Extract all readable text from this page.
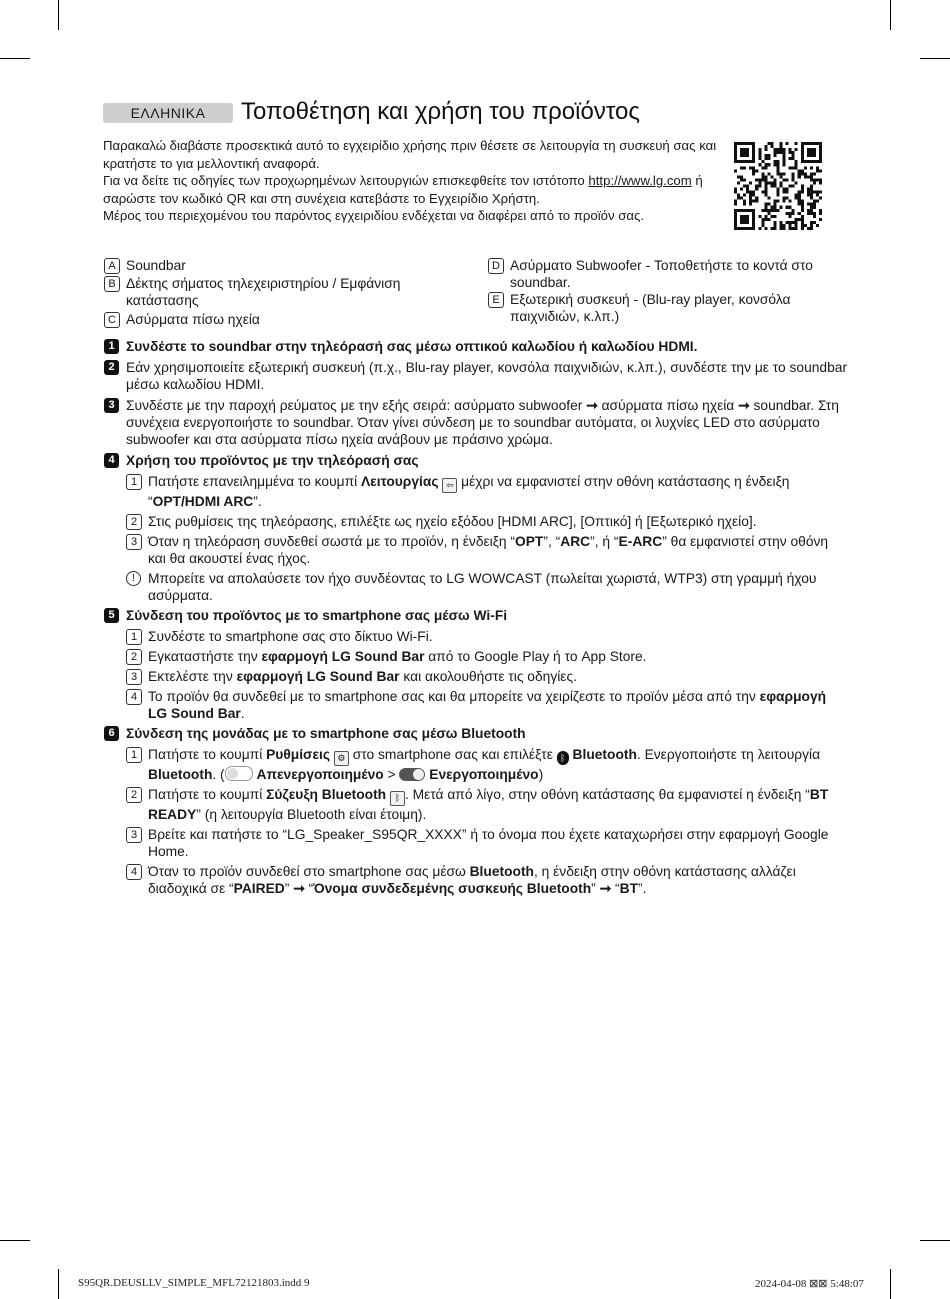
ΕΛΛΗΝΙΚΑ	Τοποθέτηση και χρήση του προϊόντος

Παρακαλώ διαβάστε προσεκτικά αυτό το εγχειρίδιο χρήσης πριν θέσετε σε λειτουργία τη συσκευή σας και κρατήστε το για μελλοντική αναφορά.

Για να δείτε τις οδηγίες των προχωρημένων λειτουργιών επισκεφθείτε τον ιστότοπο http://www.lg.com ή σαρώστε τον κωδικό QR και στη συνέχεια κατεβάστε το Εγχειρίδιο Χρήστη.

Μέρος του περιεχομένου του παρόντος εγχειριδίου ενδέχεται να διαφέρει από το προϊόν σας.

A Soundbar
B Δέκτης σήματος τηλεχειριστηρίου / Εμφάνιση κατάστασης
C Ασύρματα πίσω ηχεία
D Ασύρματο Subwoofer - Τοποθετήστε το κοντά στο soundbar.
E Εξωτερική συσκευή - (Blu-ray player, κονσόλα παιχνιδιών, κ.λπ.)
1 Συνδέστε το soundbar στην τηλεόρασή σας μέσω οπτικού καλωδίου ή καλωδίου HDMI.
2 Εάν χρησιμοποιείτε εξωτερική συσκευή (π.χ., Blu-ray player, κονσόλα παιχνιδιών, κ.λπ.), συνδέστε την με το soundbar μέσω καλωδίου HDMI.
3 Συνδέστε με την παροχή ρεύματος με την εξής σειρά: ασύρματο subwoofer ➞ ασύρματα πίσω ηχεία ➞ soundbar. Στη συνέχεια ενεργοποιήστε το soundbar. Όταν γίνει σύνδεση με το soundbar αυτόματα, οι λυχνίες LED στο ασύρματο subwoofer και στα ασύρματα πίσω ηχεία ανάβουν με πράσινο χρώμα.
4 Χρήση του προϊόντος με την τηλεόρασή σας
1 Πατήστε επανειλημμένα το κουμπί Λειτουργίας ⇦ μέχρι να εμφανιστεί στην οθόνη κατάστασης η ένδειξη “OPT/HDMI ARC”.
2 Στις ρυθμίσεις της τηλεόρασης, επιλέξτε ως ηχείο εξόδου [HDMI ARC], [Οπτικό] ή [Εξωτερικό ηχείο].
3 Όταν η τηλεόραση συνδεθεί σωστά με το προϊόν, η ένδειξη “OPT”, “ARC”, ή “E-ARC” θα εμφανιστεί στην οθόνη και θα ακουστεί ένας ήχος.
! Μπορείτε να απολαύσετε τον ήχο συνδέοντας το LG WOWCAST (πωλείται χωριστά, WTP3) στη γραμμή ήχου ασύρματα.
5 Σύνδεση του προϊόντος με το smartphone σας μέσω Wi-Fi
1 Συνδέστε το smartphone σας στο δίκτυο Wi-Fi.
2 Εγκαταστήστε την εφαρμογή LG Sound Bar από το Google Play ή το App Store.
3 Εκτελέστε την εφαρμογή LG Sound Bar και ακολουθήστε τις οδηγίες.
4 Το προϊόν θα συνδεθεί με το smartphone σας και θα μπορείτε να χειρίζεστε το προϊόν μέσα από την εφαρμογή LG Sound Bar.
6 Σύνδεση της μονάδας με το smartphone σας μέσω Bluetooth
1 Πατήστε το κουμπί Ρυθμίσεις ⚙ στο smartphone σας και επιλέξτε ᛒ Bluetooth. Ενεργοποιήστε τη λειτουργία Bluetooth. ( Απενεργοποιημένο >  Ενεργοποιημένο)
2 Πατήστε το κουμπί Σύζευξη Bluetooth ᛒ . Μετά από λίγο, στην οθόνη κατάστασης θα εμφανιστεί η ένδειξη “BT READY” (η λειτουργία Bluetooth είναι έτοιμη).
3 Βρείτε και πατήστε το “LG_Speaker_S95QR_XXXX” ή το όνομα που έχετε καταχωρήσει στην εφαρμογή Google Home.
4 Όταν το προϊόν συνδεθεί στο smartphone σας μέσω Bluetooth, η ένδειξη στην οθόνη κατάστασης αλλάζει διαδοχικά σε “PAIRED” ➞ “Όνομα συνδεδεμένης συσκευής Bluetooth” ➞ “BT”.
S95QR.DEUSLLV_SIMPLE_MFL72121803.indd 9	2024-04-08 ⊠⊠ 5:48:07
